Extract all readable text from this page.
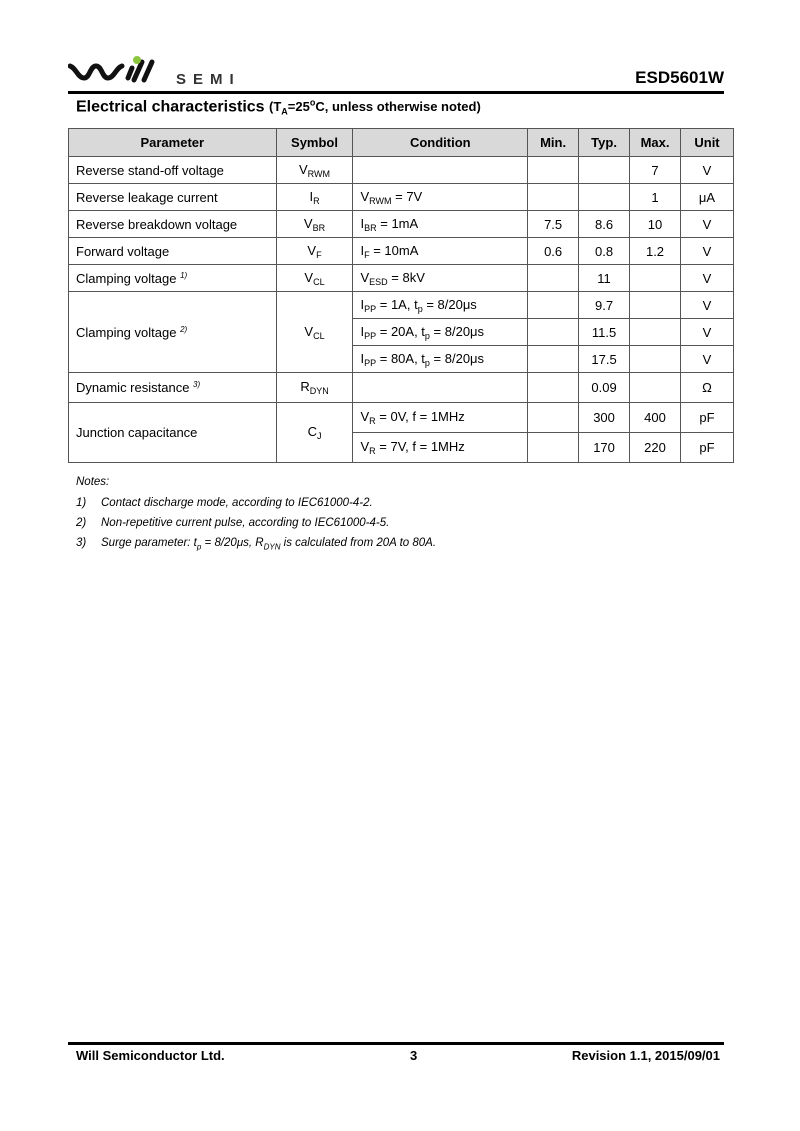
SEMI	ESD5601W
Electrical characteristics ($T_A=25^oC$, unless otherwise noted)
Parameter	Symbol	Condition	Min.	Typ.	Max.	Unit
Reverse stand-off voltage	$V_{RWM}$				7	V
Reverse leakage current	$I_R$	$V_{RWM} = 7V$			1	μA
Reverse breakdown voltage	$V_{BR}$	$I_{BR} = 1mA$	7.5	8.6	10	V
Forward voltage	$V_F$	$I_F = 10mA$	0.6	0.8	1.2	V
Clamping voltage $^{1)}$	$V_{CL}$	$V_{ESD} = 8kV$		11		V
Clamping voltage $^{2)}$	$V_{CL}$	$I_{PP} = 1A$, $t_p = 8/20\mu s$		9.7		V
		$I_{PP} = 20A$, $t_p = 8/20\mu s$		11.5		V
		$I_{PP} = 80A$, $t_p = 8/20\mu s$		17.5		V
Dynamic resistance $^{3)}$	$R_{DYN}$			0.09		Ω
Junction capacitance	$C_J$	$V_R = 0V$, f = 1MHz		300	400	pF
		$V_R = 7V$, f = 1MHz		170	220	pF
Notes:
1)	Contact discharge mode, according to IEC61000-4-2.
2)	Non-repetitive current pulse, according to IEC61000-4-5.
3)	Surge parameter: $t_p = 8/20\mu s$, $R_{DYN}$ is calculated from 20A to 80A.
Will Semiconductor Ltd.	3	Revision 1.1, 2015/09/01
